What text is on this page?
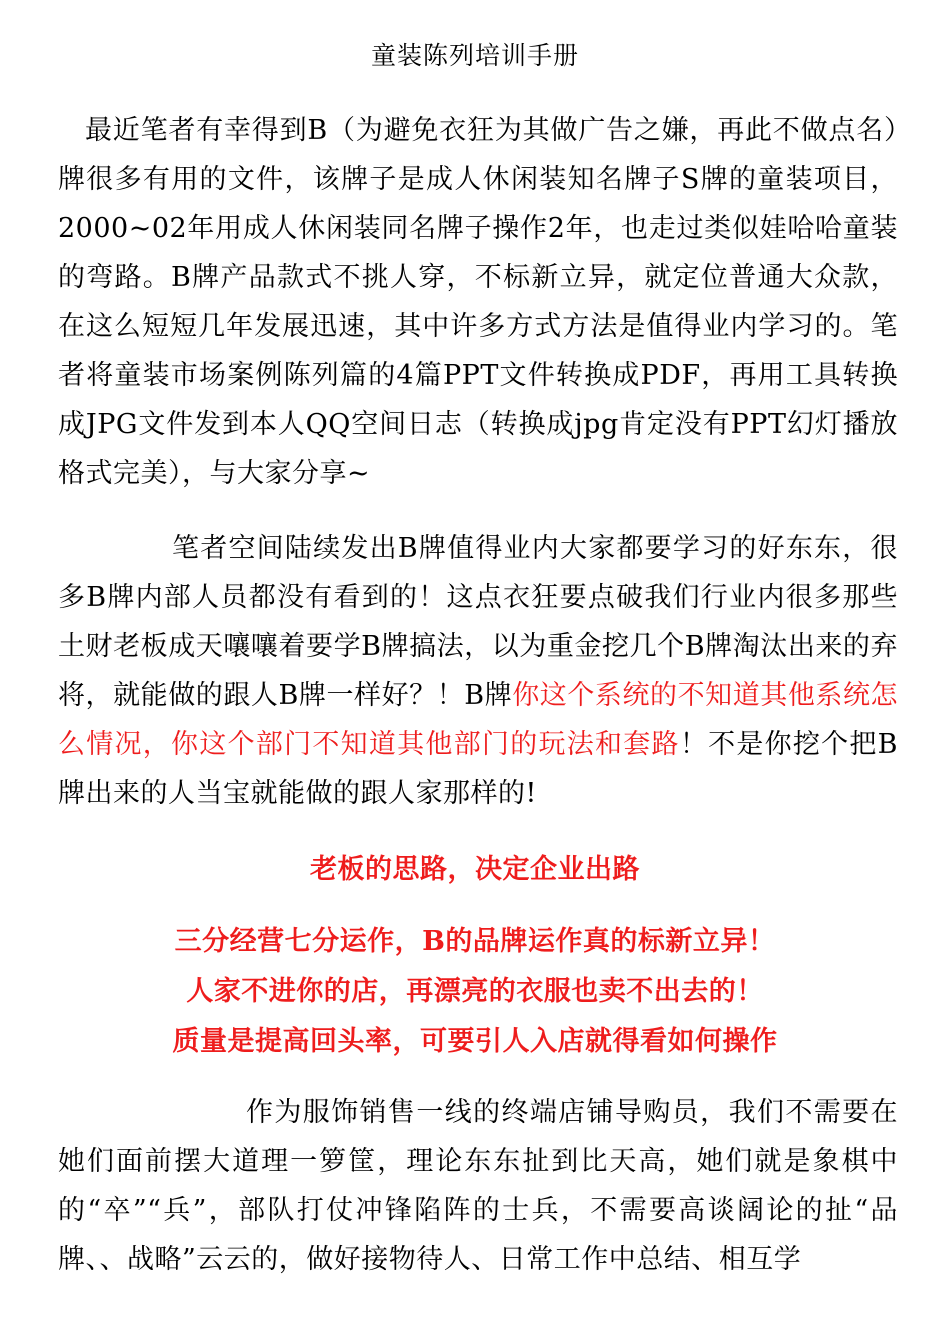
童装陈列培训手册
最近笔者有幸得到B（为避免衣狂为其做广告之嫌，再此不做点名）牌很多有用的文件，该牌子是成人休闲装知名牌子S牌的童装项目，2000~02年用成人休闲装同名牌子操作2年，也走过类似娃哈哈童装的弯路。B牌产品款式不挑人穿，不标新立异，就定位普通大众款，在这么短短几年发展迅速，其中许多方式方法是值得业内学习的。笔者将童装市场案例陈列篇的4篇PPT文件转换成PDF，再用工具转换成JPG文件发到本人QQ空间日志（转换成jpg肯定没有PPT幻灯播放格式完美），与大家分享~
笔者空间陆续发出B牌值得业内大家都要学习的好东东，很多B牌内部人员都没有看到的！这点衣狂要点破我们行业内很多那些土财老板成天嚷嚷着要学B牌搞法，以为重金挖几个B牌淘汰出来的弃将，就能做的跟人B牌一样好？！B牌你这个系统的不知道其他系统怎么情况，你这个部门不知道其他部门的玩法和套路！不是你挖个把B牌出来的人当宝就能做的跟人家那样的!
老板的思路，决定企业出路
三分经营七分运作，B的品牌运作真的标新立异！
人家不进你的店，再漂亮的衣服也卖不出去的！
质量是提高回头率，可要引人入店就得看如何操作
作为服饰销售一线的终端店铺导购员，我们不需要在她们面前摆大道理一箩筐，理论东东扯到比天高，她们就是象棋中的“卒”“兵”，部队打仗冲锋陷阵的士兵，不需要高谈阔论的扯“品牌、、战略”云云的，做好接物待人、日常工作中总结、相互学
